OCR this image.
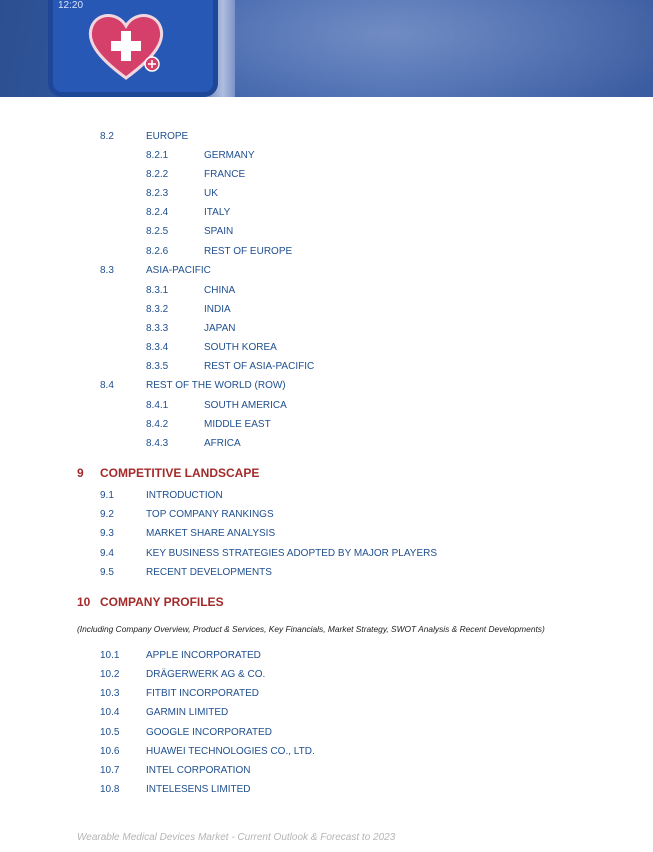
12:20
8.2	EUROPE
8.2.1	GERMANY
8.2.2	FRANCE
8.2.3	UK
8.2.4	ITALY
8.2.5	SPAIN
8.2.6	REST OF EUROPE
8.3	ASIA-PACIFIC
8.3.1	CHINA
8.3.2	INDIA
8.3.3	JAPAN
8.3.4	SOUTH KOREA
8.3.5	REST OF ASIA-PACIFIC
8.4	REST OF THE WORLD (ROW)
8.4.1	SOUTH AMERICA
8.4.2	MIDDLE EAST
8.4.3	AFRICA
9 COMPETITIVE LANDSCAPE
9.1	INTRODUCTION
9.2	TOP COMPANY RANKINGS
9.3	MARKET SHARE ANALYSIS
9.4	KEY BUSINESS STRATEGIES ADOPTED BY MAJOR PLAYERS
9.5	RECENT DEVELOPMENTS
10 COMPANY PROFILES
(Including Company Overview, Product & Services, Key Financials, Market Strategy, SWOT Analysis & Recent Developments)
10.1	APPLE INCORPORATED
10.2	DRÄGERWERK AG & CO.
10.3	FITBIT INCORPORATED
10.4	GARMIN LIMITED
10.5	GOOGLE INCORPORATED
10.6	HUAWEI TECHNOLOGIES CO., LTD.
10.7	INTEL CORPORATION
10.8	INTELESENS LIMITED
Wearable Medical Devices Market - Current Outlook & Forecast to 2023
